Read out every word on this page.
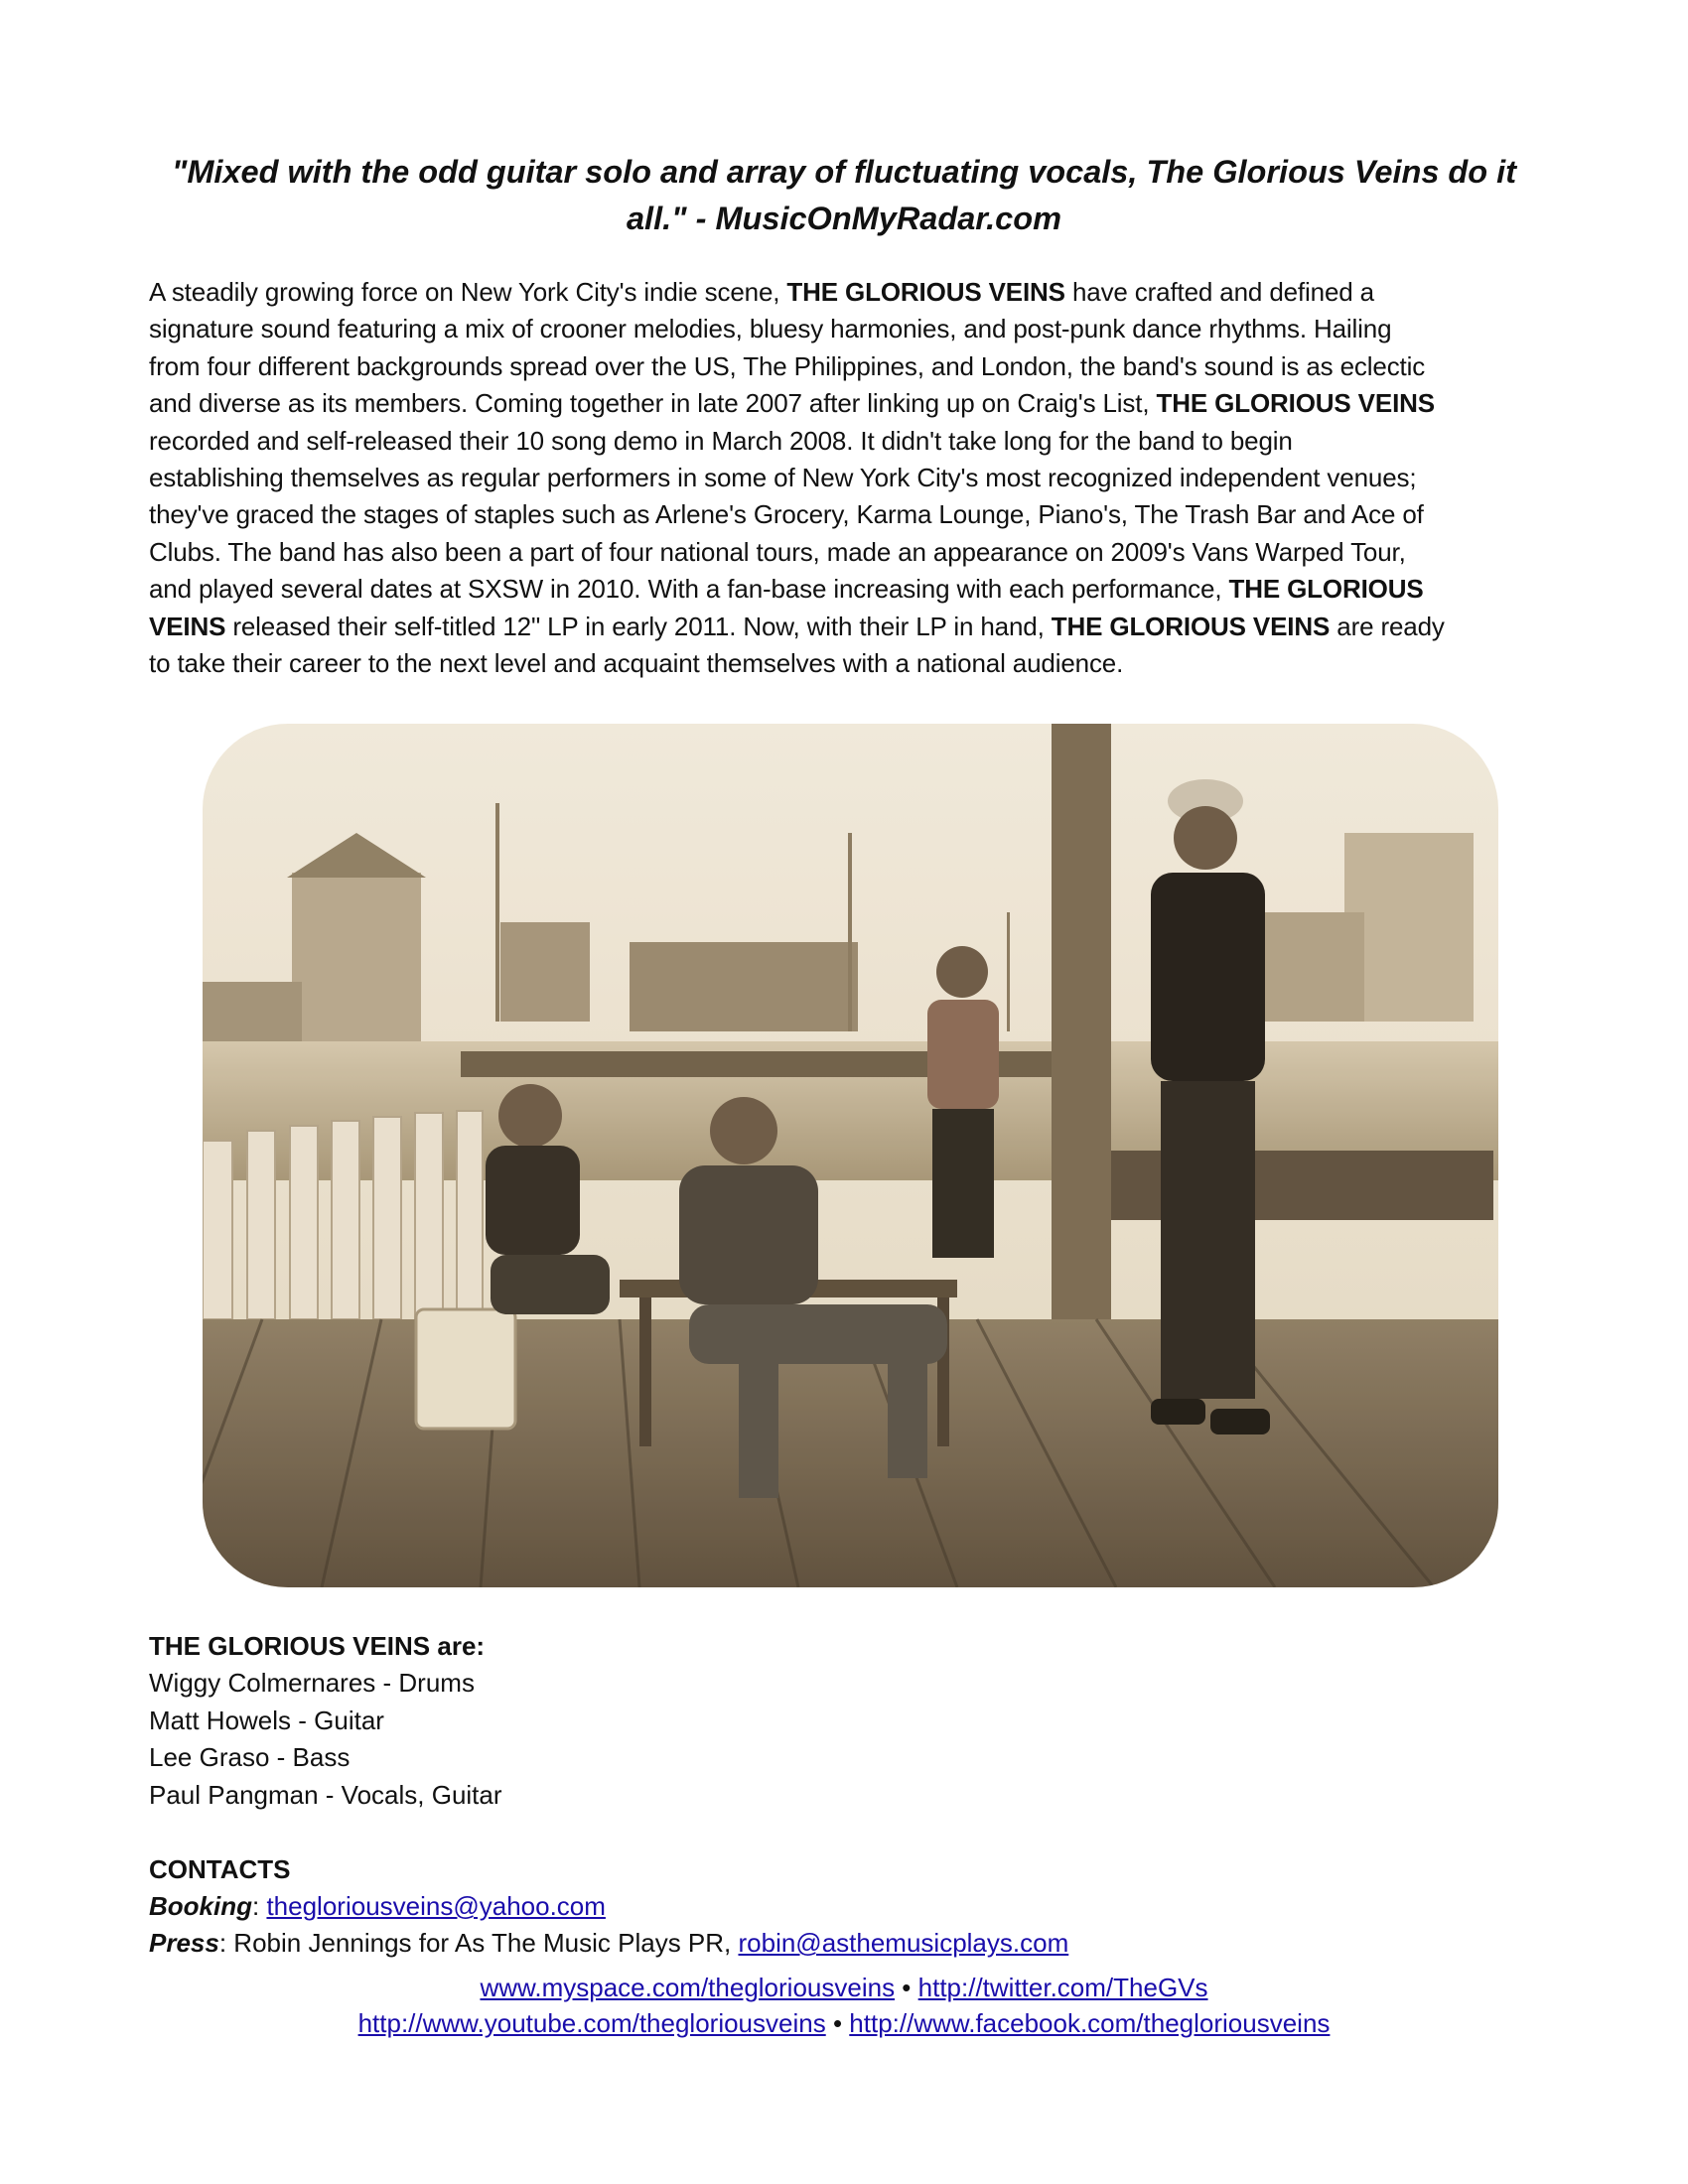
"Mixed with the odd guitar solo and array of fluctuating vocals, The Glorious Veins do it
all." - MusicOnMyRadar.com

A steadily growing force on New York City's indie scene, THE GLORIOUS VEINS have crafted and defined a
signature sound featuring a mix of crooner melodies, bluesy harmonies, and post-punk dance rhythms. Hailing
from four different backgrounds spread over the US, The Philippines, and London, the band's sound is as eclectic
and diverse as its members. Coming together in late 2007 after linking up on Craig's List, THE GLORIOUS VEINS
recorded and self-released their 10 song demo in March 2008. It didn't take long for the band to begin
establishing themselves as regular performers in some of New York City's most recognized independent venues;
they've graced the stages of staples such as Arlene's Grocery, Karma Lounge, Piano's, The Trash Bar and Ace of
Clubs. The band has also been a part of four national tours, made an appearance on 2009's Vans Warped Tour,
and played several dates at SXSW in 2010. With a fan-base increasing with each performance, THE GLORIOUS
VEINS released their self-titled 12" LP in early 2011. Now, with their LP in hand, THE GLORIOUS VEINS are ready
to take their career to the next level and acquaint themselves with a national audience.

THE GLORIOUS VEINS are:
Wiggy Colmernares - Drums
Matt Howels - Guitar
Lee Graso - Bass
Paul Pangman - Vocals, Guitar
CONTACTS
Booking: thegloriousveins@yahoo.com
Press: Robin Jennings for As The Music Plays PR, robin@asthemusicplays.com
www.myspace.com/thegloriousveins • http://twitter.com/TheGVs
http://www.youtube.com/thegloriousveins • http://www.facebook.com/thegloriousveins
